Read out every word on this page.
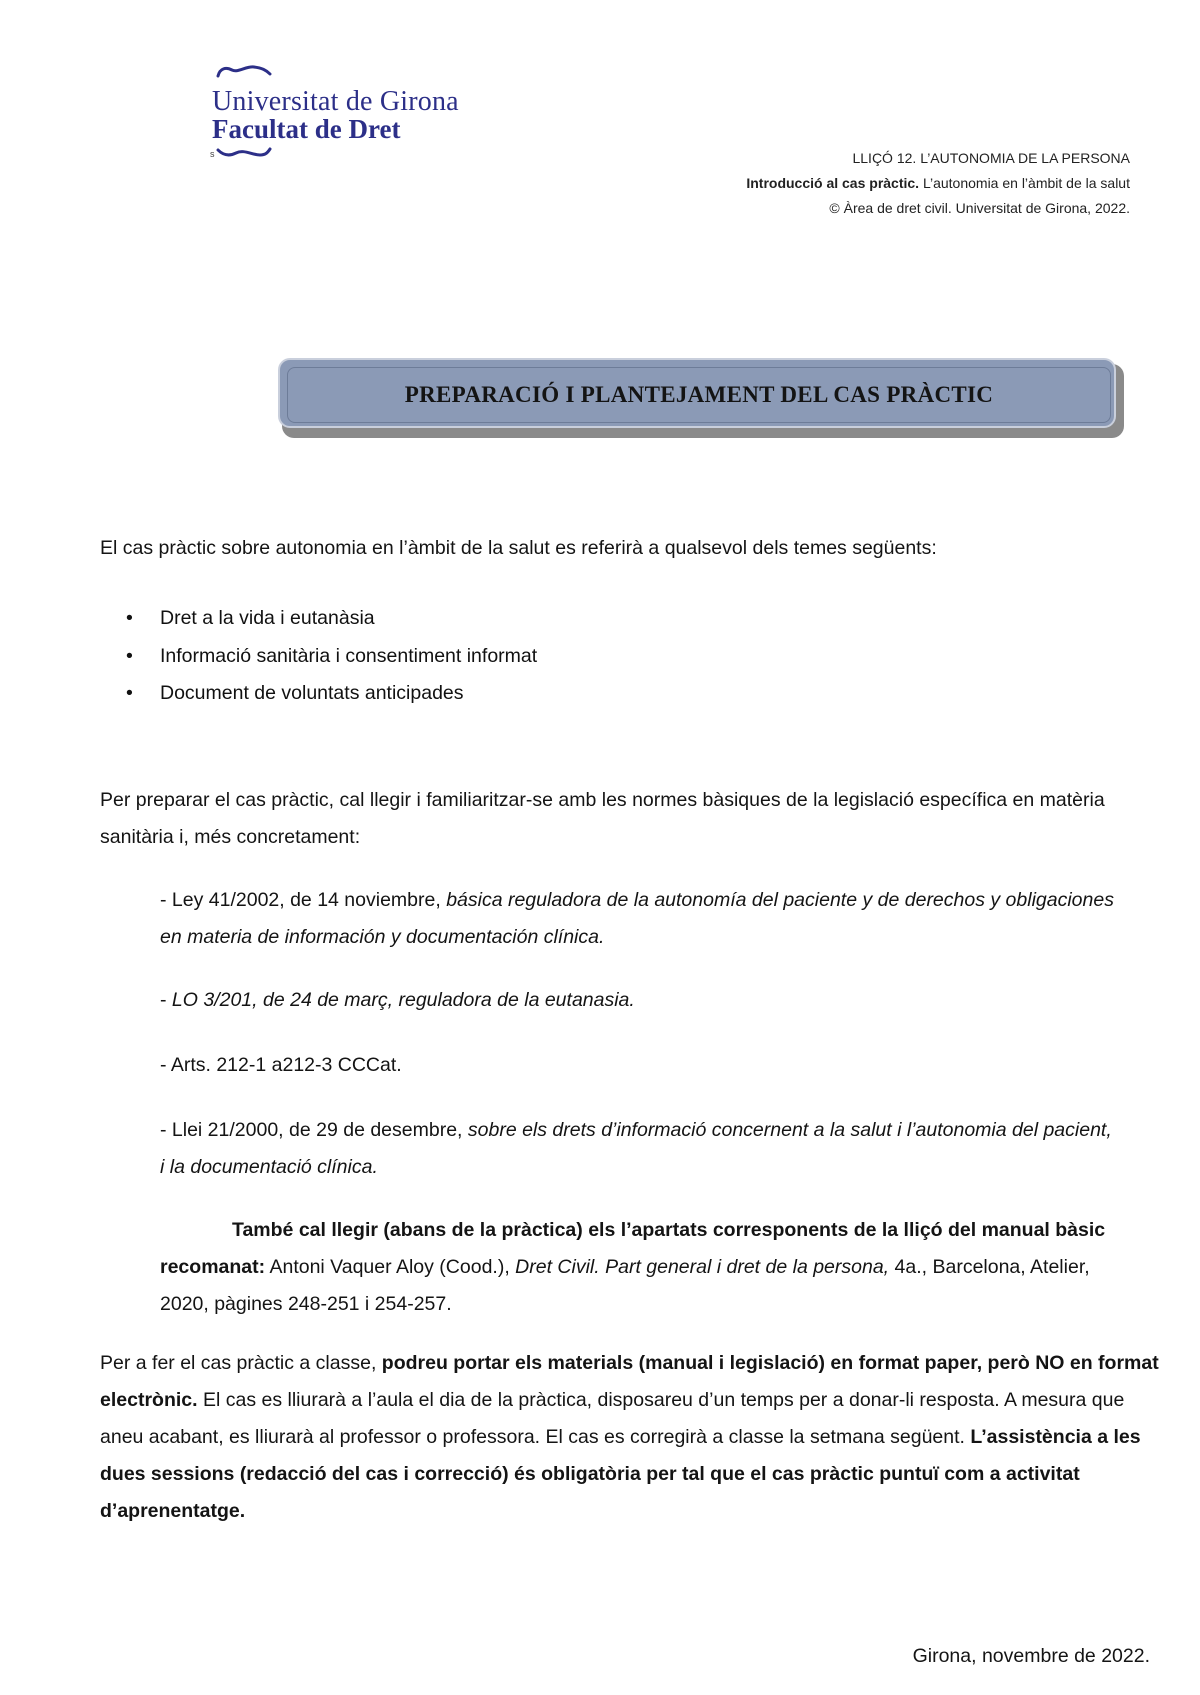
Universitat de Girona
Facultat de Dret
s	LLIÇÓ 12. L’AUTONOMIA DE LA PERSONA
Introducció al cas pràctic. L’autonomia en l’àmbit de la salut
© Àrea de dret civil. Universitat de Girona, 2022.
PREPARACIÓ I PLANTEJAMENT DEL CAS PRÀCTIC
El cas pràctic sobre autonomia en l’àmbit de la salut es referirà a qualsevol dels temes següents:
• Dret a la vida i eutanàsia
• Informació sanitària i consentiment informat
• Document de voluntats anticipades
Per preparar el cas pràctic, cal llegir i familiaritzar-se amb les normes bàsiques de la legislació específica en matèria sanitària i, més concretament:
- Ley 41/2002, de 14 noviembre, básica reguladora de la autonomía del paciente y de derechos y obligaciones en materia de información y documentación clínica.
- LO 3/201, de 24 de març, reguladora de la eutanasia.
- Arts. 212-1 a212-3 CCCat.
- Llei 21/2000, de 29 de desembre, sobre els drets d’informació concernent a la salut i l’autonomia del pacient, i la documentació clínica.
També cal llegir (abans de la pràctica) els l’apartats corresponents de la lliçó del manual bàsic recomanat: Antoni Vaquer Aloy (Cood.), Dret Civil. Part general i dret de la persona, 4a., Barcelona, Atelier, 2020, pàgines 248-251 i 254-257.
Per a fer el cas pràctic a classe, podreu portar els materials (manual i legislació) en format paper, però NO en format electrònic. El cas es lliurarà a l’aula el dia de la pràctica, disposareu d’un temps per a donar-li resposta. A mesura que aneu acabant, es lliurarà al professor o professora. El cas es corregirà a classe la setmana següent. L’assistència a les dues sessions (redacció del cas i correcció) és obligatòria per tal que el cas pràctic puntuï com a activitat d’aprenentatge.
Girona, novembre de 2022.
